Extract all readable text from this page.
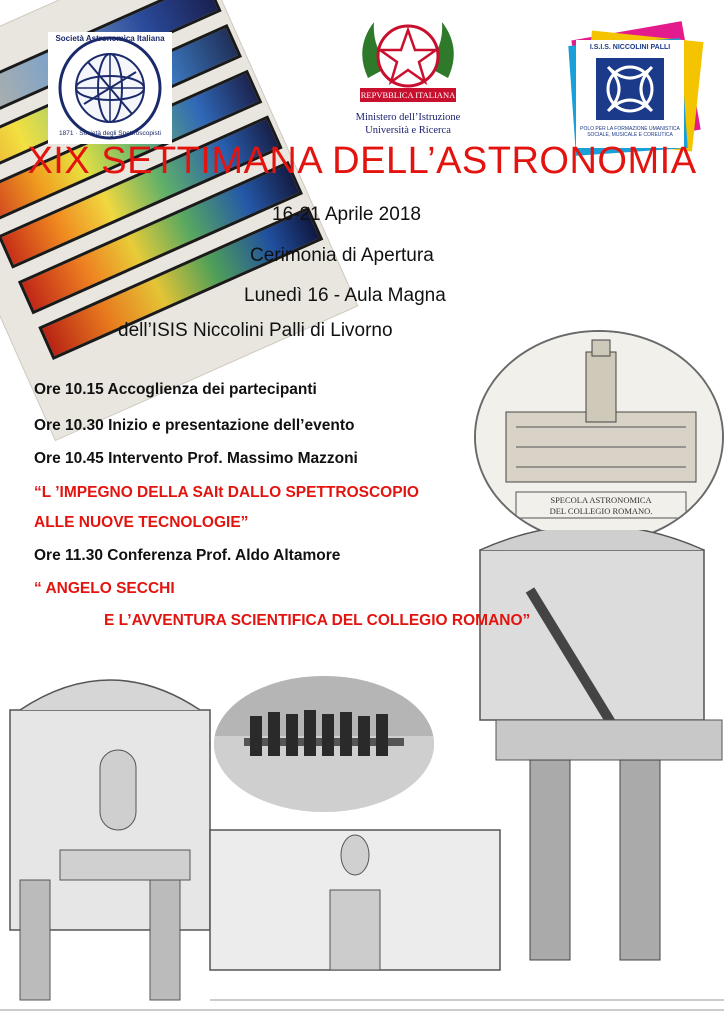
Società Astronomica Italiana
1871 · Società degli Spettroscopisti
REPVBBLICA ITALIANA
Ministero dell’Istruzione
Università e Ricerca
I.S.I.S. NICCOLINI PALLI
POLO PER LA FORMAZIONE UMANISTICA SOCIALE, MUSICALE E COREUTICA
XIX SETTIMANA DELL’ASTRONOMIA
16-21 Aprile 2018
Cerimonia di Apertura
Lunedì 16 - Aula Magna
dell’ISIS Niccolini Palli di Livorno
SPECOLA ASTRONOMICA
DEL COLLEGIO ROMANO.
Ore 10.15 Accoglienza dei partecipanti
Ore 10.30 Inizio e presentazione dell’evento
Ore 10.45 Intervento Prof. Massimo Mazzoni
“L ’IMPEGNO DELLA SAIt DALLO SPETTROSCOPIO
ALLE NUOVE TECNOLOGIE”
Ore 11.30 Conferenza Prof. Aldo Altamore
“ ANGELO SECCHI
E L’AVVENTURA SCIENTIFICA DEL COLLEGIO ROMANO”
